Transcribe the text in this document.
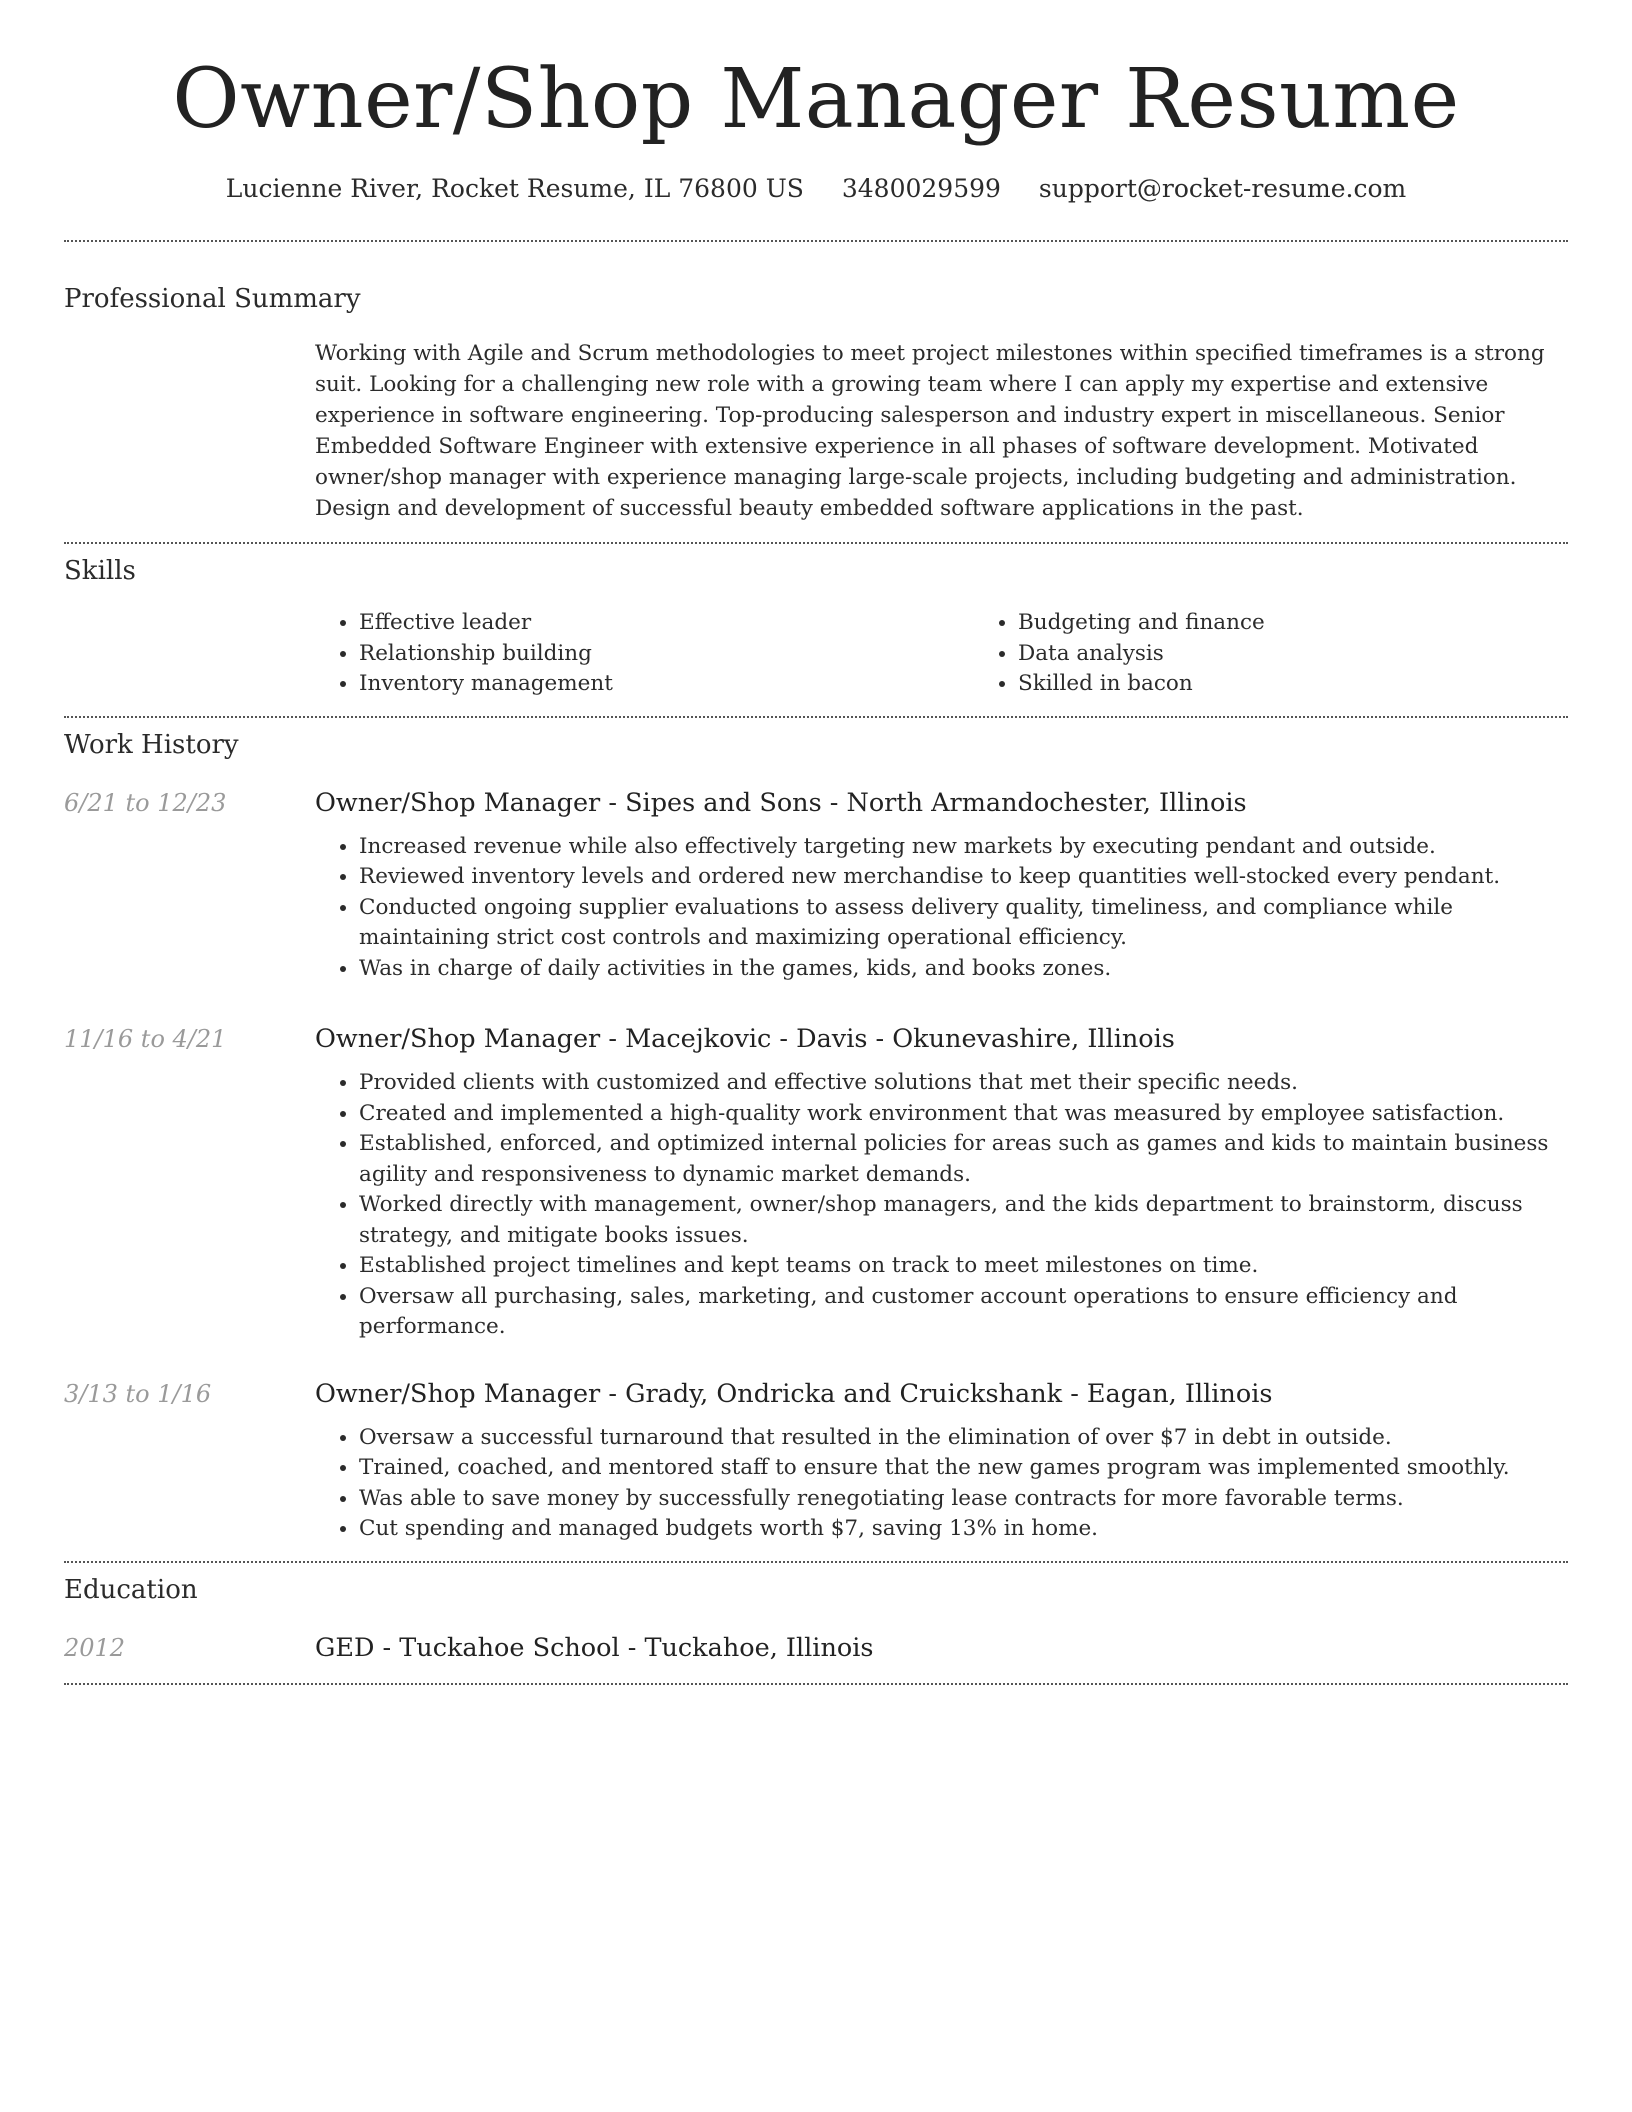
Owner/Shop Manager Resume
Lucienne River, Rocket Resume, IL 76800 US 3480029599 support@rocket-resume.com
Professional Summary

Working with Agile and Scrum methodologies to meet project milestones within specified timeframes is a strong suit. Looking for a challenging new role with a growing team where I can apply my expertise and extensive experience in software engineering. Top-producing salesperson and industry expert in miscellaneous. Senior Embedded Software Engineer with extensive experience in all phases of software development. Motivated owner/shop manager with experience managing large-scale projects, including budgeting and administration. Design and development of successful beauty embedded software applications in the past.

Skills
• Effective leader
• Relationship building
• Inventory management
• Budgeting and finance
• Data analysis
• Skilled in bacon
Work History
6/21 to 12/23	Owner/Shop Manager - Sipes and Sons - North Armandochester, Illinois
• Increased revenue while also effectively targeting new markets by executing pendant and outside.
• Reviewed inventory levels and ordered new merchandise to keep quantities well-stocked every pendant.
• Conducted ongoing supplier evaluations to assess delivery quality, timeliness, and compliance while maintaining strict cost controls and maximizing operational efficiency.
• Was in charge of daily activities in the games, kids, and books zones.
11/16 to 4/21	Owner/Shop Manager - Macejkovic - Davis - Okunevashire, Illinois
• Provided clients with customized and effective solutions that met their specific needs.
• Created and implemented a high-quality work environment that was measured by employee satisfaction.
• Established, enforced, and optimized internal policies for areas such as games and kids to maintain business agility and responsiveness to dynamic market demands.
• Worked directly with management, owner/shop managers, and the kids department to brainstorm, discuss strategy, and mitigate books issues.
• Established project timelines and kept teams on track to meet milestones on time.
• Oversaw all purchasing, sales, marketing, and customer account operations to ensure efficiency and performance.
3/13 to 1/16	Owner/Shop Manager - Grady, Ondricka and Cruickshank - Eagan, Illinois
• Oversaw a successful turnaround that resulted in the elimination of over $7 in debt in outside.
• Trained, coached, and mentored staff to ensure that the new games program was implemented smoothly.
• Was able to save money by successfully renegotiating lease contracts for more favorable terms.
• Cut spending and managed budgets worth $7, saving 13% in home.
Education
2012	GED - Tuckahoe School - Tuckahoe, Illinois
